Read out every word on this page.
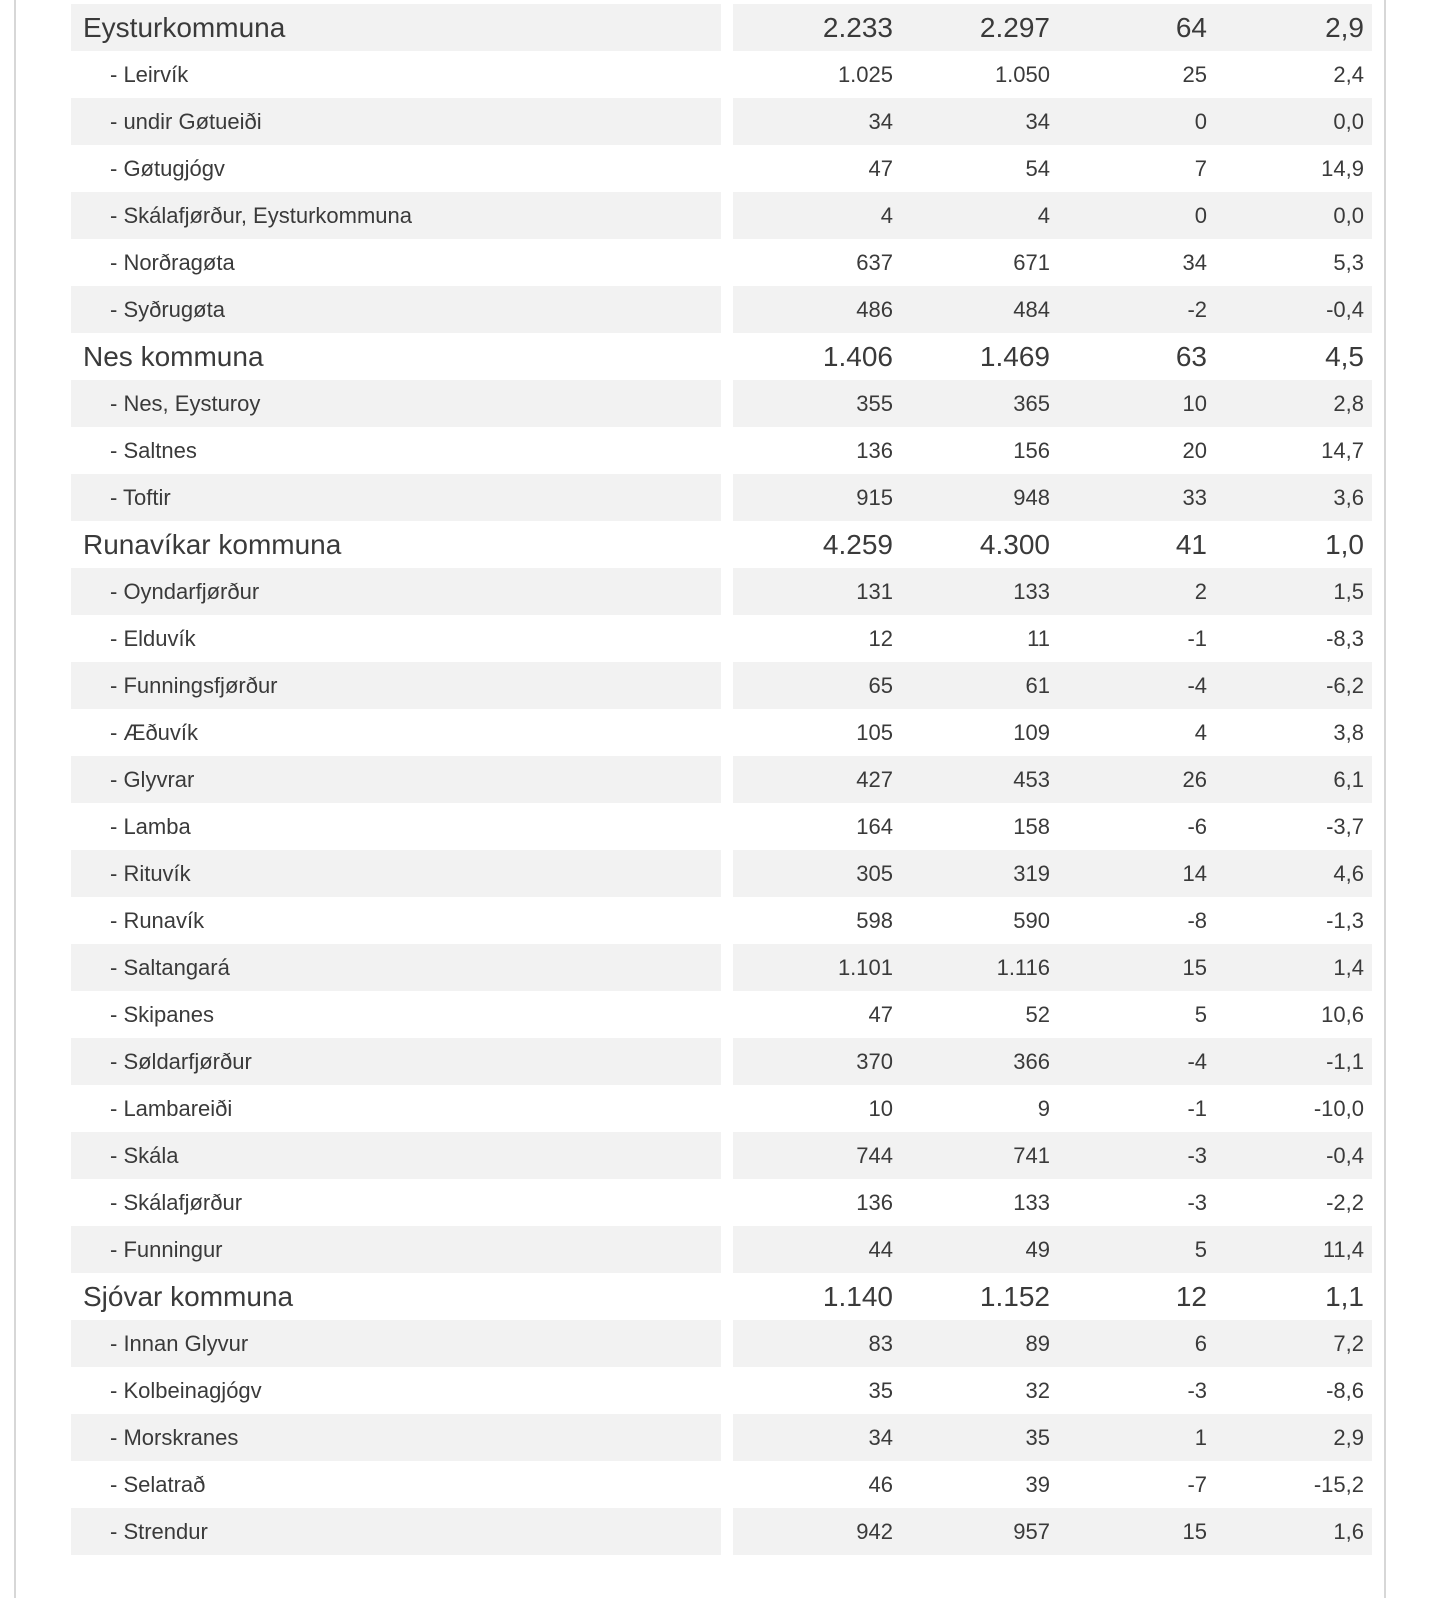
Eysturkommuna	2.233 2.297 64 2,9

- Leirvík	1.025 1.050 25 2,4

- undir Gøtueiði	34 34 0 0,0

- Gøtugjógv	47 54 7 14,9

- Skálafjørður, Eysturkommuna	4 4 0 0,0

- Norðragøta	637 671 34 5,3

- Syðrugøta	486 484 -2 -0,4

Nes kommuna	1.406 1.469 63 4,5

- Nes, Eysturoy	355 365 10 2,8

- Saltnes	136 156 20 14,7

- Toftir	915 948 33 3,6

Runavíkar kommuna	4.259 4.300 41 1,0

- Oyndarfjørður	131 133 2 1,5

- Elduvík	12 11 -1 -8,3

- Funningsfjørður	65 61 -4 -6,2

- Æðuvík	105 109 4 3,8

- Glyvrar	427 453 26 6,1

- Lamba	164 158 -6 -3,7

- Rituvík	305 319 14 4,6

- Runavík	598 590 -8 -1,3

- Saltangará	1.101 1.116 15 1,4

- Skipanes	47 52 5 10,6

- Søldarfjørður	370 366 -4 -1,1

- Lambareiði	10 9 -1 -10,0

- Skála	744 741 -3 -0,4

- Skálafjørður	136 133 -3 -2,2

- Funningur	44 49 5 11,4

Sjóvar kommuna	1.140 1.152 12 1,1

- Innan Glyvur	83 89 6 7,2

- Kolbeinagjógv	35 32 -3 -8,6

- Morskranes	34 35 1 2,9

- Selatrað	46 39 -7 -15,2

- Strendur	942 957 15 1,6
